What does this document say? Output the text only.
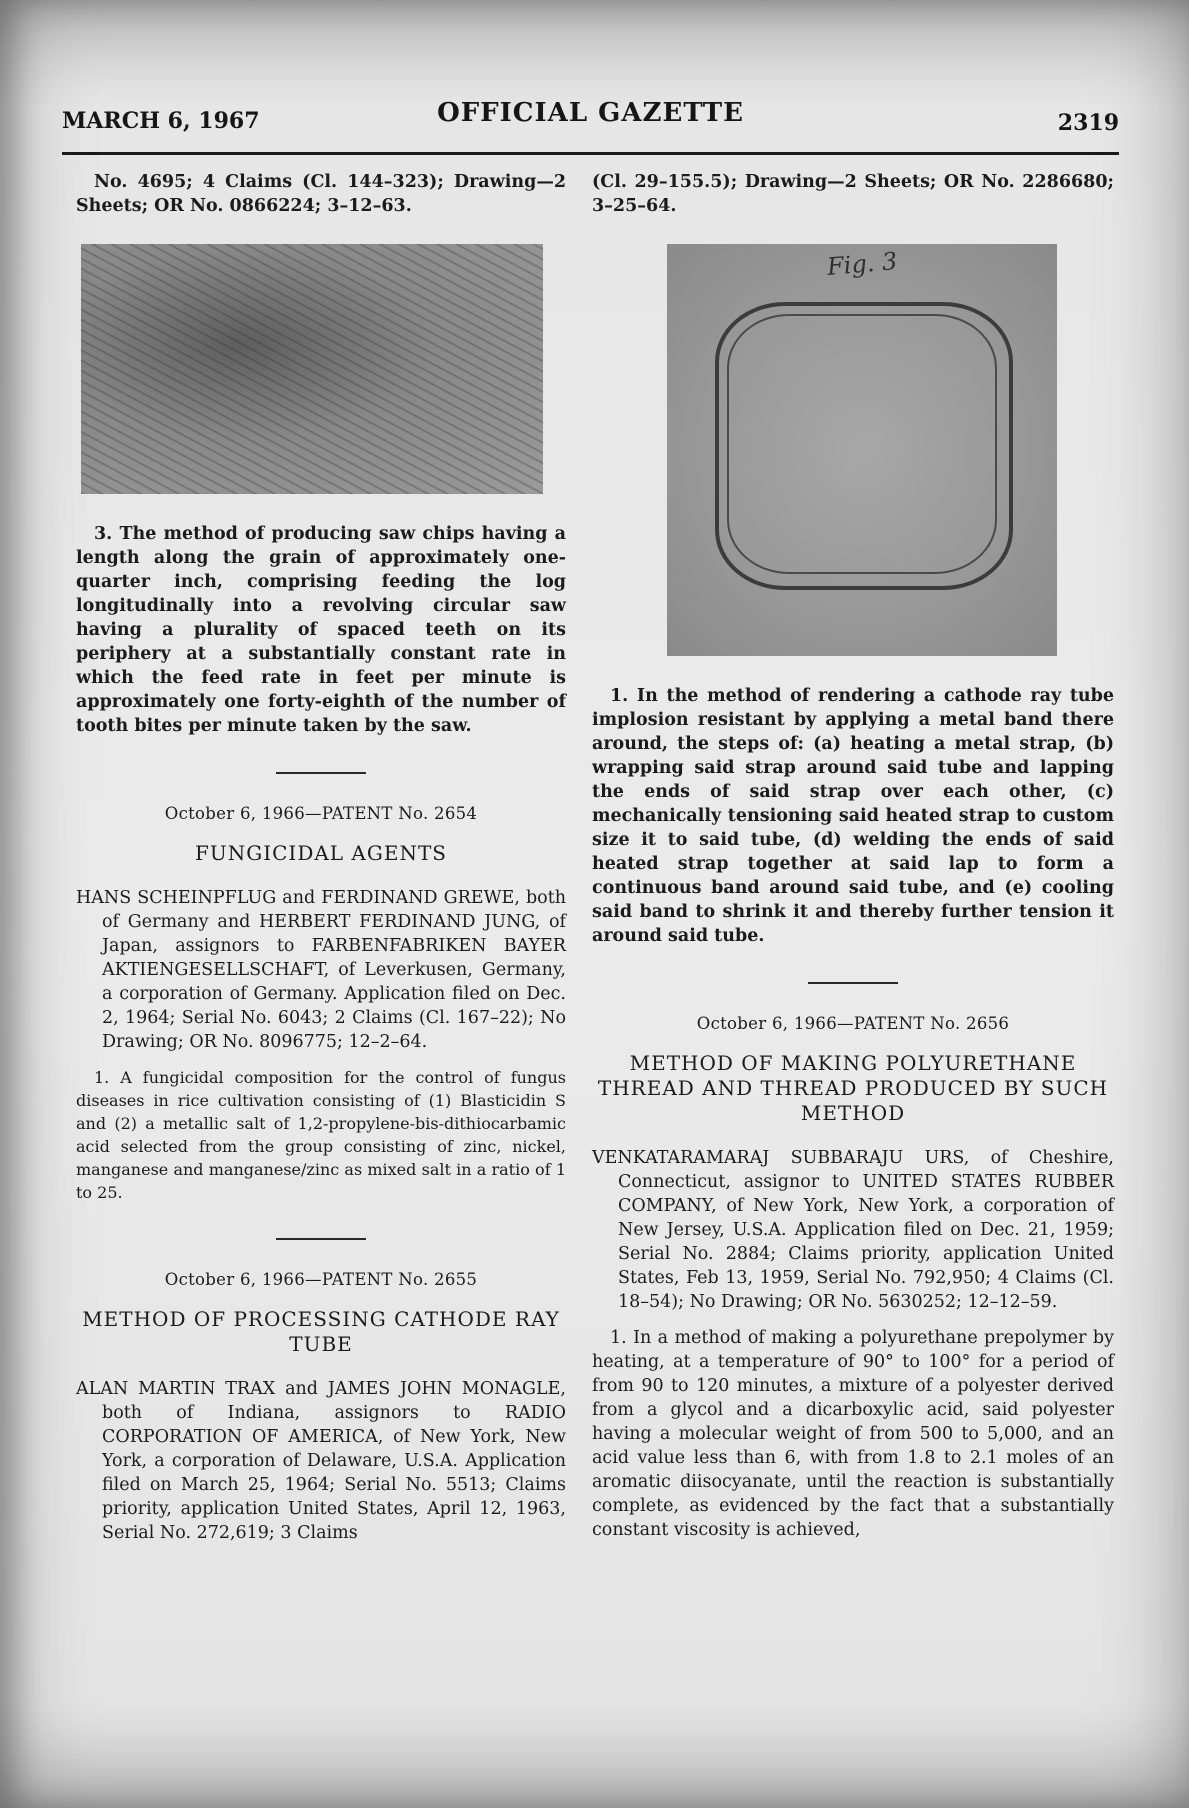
MARCH 6, 1967	OFFICIAL GAZETTE	2319

No. 4695; 4 Claims (Cl. 144–323); Drawing—2 Sheets; OR No. 0866224; 3–12–63.

3. The method of producing saw chips having a length along the grain of approximately one-quarter inch, comprising feeding the log longitudinally into a revolving circular saw having a plurality of spaced teeth on its periphery at a substantially constant rate in which the feed rate in feet per minute is approximately one forty-eighth of the number of tooth bites per minute taken by the saw.

October 6, 1966—PATENT No. 2654
FUNGICIDAL AGENTS

HANS SCHEINPFLUG and FERDINAND GREWE, both of Germany and HERBERT FERDINAND JUNG, of Japan, assignors to FARBENFABRIKEN BAYER AKTIENGESELLSCHAFT, of Leverkusen, Germany, a corporation of Germany. Application filed on Dec. 2, 1964; Serial No. 6043; 2 Claims (Cl. 167–22); No Drawing; OR No. 8096775; 12–2–64.

1. A fungicidal composition for the control of fungus diseases in rice cultivation consisting of (1) Blasticidin S and (2) a metallic salt of 1,2-propylene-bis-dithiocarbamic acid selected from the group consisting of zinc, nickel, manganese and manganese/zinc as mixed salt in a ratio of 1 to 25.

October 6, 1966—PATENT No. 2655
METHOD OF PROCESSING CATHODE RAY TUBE

ALAN MARTIN TRAX and JAMES JOHN MONAGLE, both of Indiana, assignors to RADIO CORPORATION OF AMERICA, of New York, New York, a corporation of Delaware, U.S.A. Application filed on March 25, 1964; Serial No. 5513; Claims priority, application United States, April 12, 1963, Serial No. 272,619; 3 Claims

(Cl. 29–155.5); Drawing—2 Sheets; OR No. 2286680; 3–25–64.

Fig. 3

1. In the method of rendering a cathode ray tube implosion resistant by applying a metal band there around, the steps of: (a) heating a metal strap, (b) wrapping said strap around said tube and lapping the ends of said strap over each other, (c) mechanically tensioning said heated strap to custom size it to said tube, (d) welding the ends of said heated strap together at said lap to form a continuous band around said tube, and (e) cooling said band to shrink it and thereby further tension it around said tube.

October 6, 1966—PATENT No. 2656
METHOD OF MAKING POLYURETHANE THREAD AND THREAD PRODUCED BY SUCH METHOD

VENKATARAMARAJ SUBBARAJU URS, of Cheshire, Connecticut, assignor to UNITED STATES RUBBER COMPANY, of New York, New York, a corporation of New Jersey, U.S.A. Application filed on Dec. 21, 1959; Serial No. 2884; Claims priority, application United States, Feb 13, 1959, Serial No. 792,950; 4 Claims (Cl. 18–54); No Drawing; OR No. 5630252; 12–12–59.

1. In a method of making a polyurethane prepolymer by heating, at a temperature of 90° to 100° for a period of from 90 to 120 minutes, a mixture of a polyester derived from a glycol and a dicarboxylic acid, said polyester having a molecular weight of from 500 to 5,000, and an acid value less than 6, with from 1.8 to 2.1 moles of an aromatic diisocyanate, until the reaction is substantially complete, as evidenced by the fact that a substantially constant viscosity is achieved,
